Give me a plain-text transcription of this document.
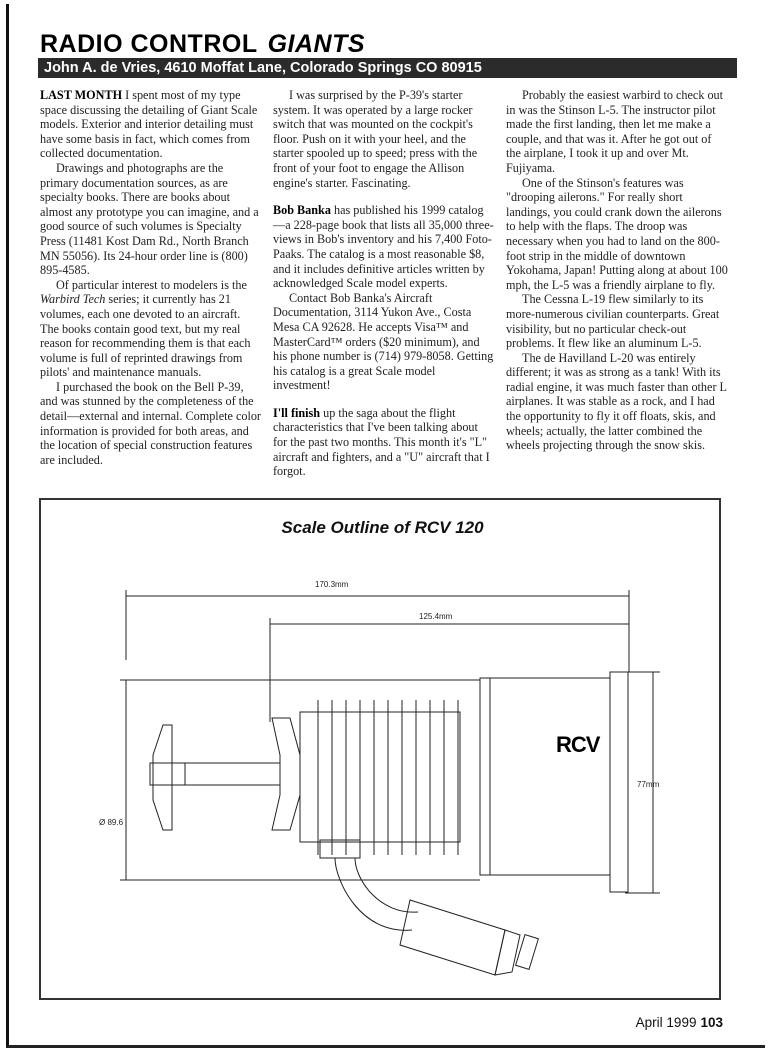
RADIO CONTROL GIANTS
John A. de Vries, 4610 Moffat Lane, Colorado Springs CO 80915

LAST MONTH I spent most of my type space discussing the detailing of Giant Scale models. Exterior and interior detailing must have some basis in fact, which comes from collected documentation.

Drawings and photographs are the primary documentation sources, as are specialty books. There are books about almost any prototype you can imagine, and a good source of such volumes is Specialty Press (11481 Kost Dam Rd., North Branch MN 55056). Its 24-hour order line is (800) 895-4585.

Of particular interest to modelers is the Warbird Tech series; it currently has 21 volumes, each one devoted to an aircraft. The books contain good text, but my real reason for recommending them is that each volume is full of reprinted drawings from pilots' and maintenance manuals.

I purchased the book on the Bell P-39, and was stunned by the completeness of the detail—external and internal. Complete color information is provided for both areas, and the location of special construction features are included.

I was surprised by the P-39's starter system. It was operated by a large rocker switch that was mounted on the cockpit's floor. Push on it with your heel, and the starter spooled up to speed; press with the front of your foot to engage the Allison engine's starter. Fascinating.

Bob Banka has published his 1999 catalog—a 228-page book that lists all 35,000 three-views in Bob's inventory and his 7,400 Foto-Paaks. The catalog is a most reasonable $8, and it includes definitive articles written by acknowledged Scale model experts.

Contact Bob Banka's Aircraft Documentation, 3114 Yukon Ave., Costa Mesa CA 92628. He accepts Visa™ and MasterCard™ orders ($20 minimum), and his phone number is (714) 979-8058. Getting his catalog is a great Scale model investment!

I'll finish up the saga about the flight characteristics that I've been talking about for the past two months. This month it's "L" aircraft and fighters, and a "U" aircraft that I forgot.

Probably the easiest warbird to check out in was the Stinson L-5. The instructor pilot made the first landing, then let me make a couple, and that was it. After he got out of the airplane, I took it up and over Mt. Fujiyama.

One of the Stinson's features was "drooping ailerons." For really short landings, you could crank down the ailerons to help with the flaps. The droop was necessary when you had to land on the 800-foot strip in the middle of downtown Yokohama, Japan! Putting along at about 100 mph, the L-5 was a friendly airplane to fly.

The Cessna L-19 flew similarly to its more-numerous civilian counterparts. Great visibility, but no particular check-out problems. It flew like an aluminum L-5.

The de Havilland L-20 was entirely different; it was as strong as a tank! With its radial engine, it was much faster than other L airplanes. It was stable as a rock, and I had the opportunity to fly it off floats, skis, and wheels; actually, the latter combined the wheels projecting through the snow skis.

Scale Outline of RCV 120
170.3mm
125.4mm
77mm
Ø 89.6
RCV
April 1999 103
